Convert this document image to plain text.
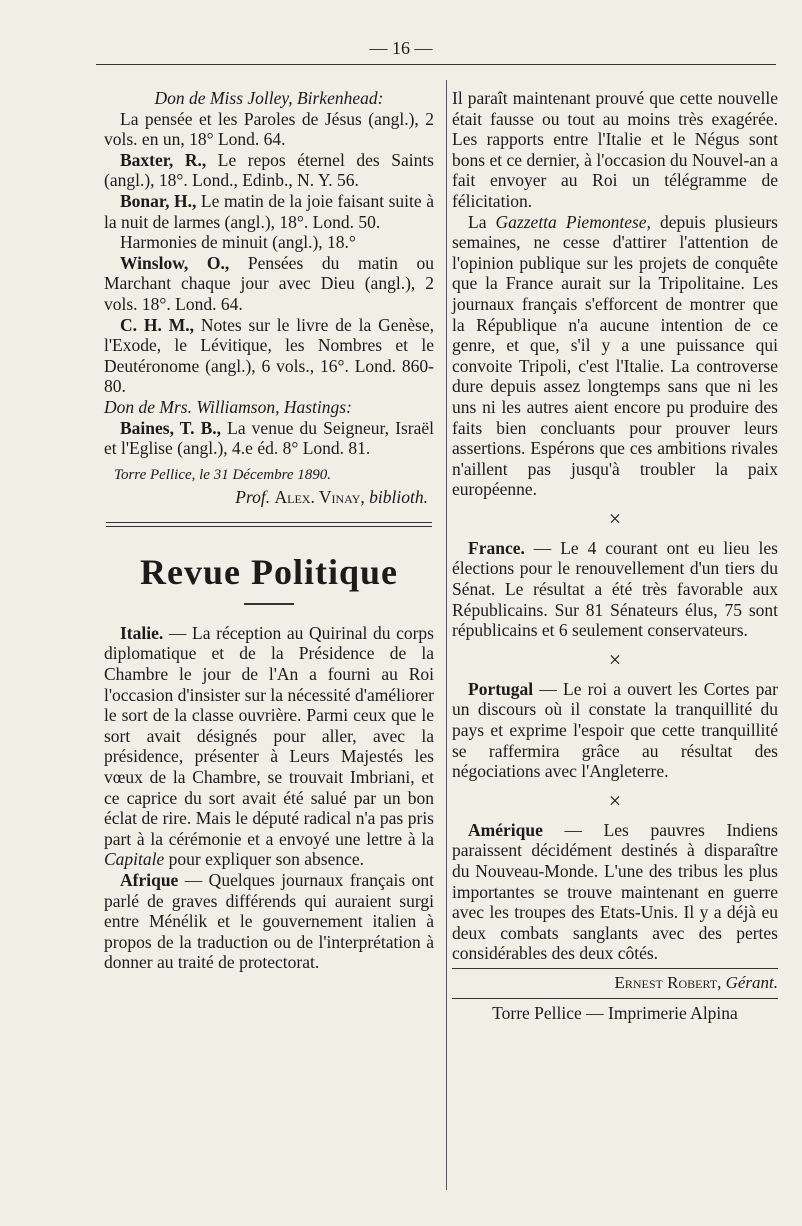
— 16 —

Don de Miss Jolley, Birkenhead:

La pensée et les Paroles de Jésus (angl.), 2 vols. en un, 18° Lond. 64.

Baxter, R., Le repos éternel des Saints (angl.), 18°. Lond., Edinb., N. Y. 56.

Bonar, H., Le matin de la joie faisant suite à la nuit de larmes (angl.), 18°. Lond. 50.

Harmonies de minuit (angl.), 18.°

Winslow, O., Pensées du matin ou Marchant chaque jour avec Dieu (angl.), 2 vols. 18°. Lond. 64.

C. H. M., Notes sur le livre de la Genèse, l'Exode, le Lévitique, les Nombres et le Deutéronome (angl.), 6 vols., 16°. Lond. 860-80.

Don de Mrs. Williamson, Hastings:

Baines, T. B., La venue du Seigneur, Israël et l'Eglise (angl.), 4.e éd. 8° Lond. 81.

Torre Pellice, le 31 Décembre 1890.

Prof. Alex. Vinay, biblioth.

Revue Politique

Italie. — La réception au Quirinal du corps diplomatique et de la Présidence de la Chambre le jour de l'An a fourni au Roi l'occasion d'insister sur la nécessité d'améliorer le sort de la classe ouvrière. Parmi ceux que le sort avait désignés pour aller, avec la présidence, présenter à Leurs Majestés les vœux de la Chambre, se trouvait Imbriani, et ce caprice du sort avait été salué par un bon éclat de rire. Mais le député radical n'a pas pris part à la cérémonie et a envoyé une lettre à la Capitale pour expliquer son absence.

Afrique — Quelques journaux français ont parlé de graves différends qui auraient surgi entre Ménélik et le gouvernement italien à propos de la traduction ou de l'interprétation à donner au traité de protectorat.

Il paraît maintenant prouvé que cette nouvelle était fausse ou tout au moins très exagérée. Les rapports entre l'Italie et le Négus sont bons et ce dernier, à l'occasion du Nouvel-an a fait envoyer au Roi un télégramme de félicitation.

La Gazzetta Piemontese, depuis plusieurs semaines, ne cesse d'attirer l'attention de l'opinion publique sur les projets de conquête que la France aurait sur la Tripolitaine. Les journaux français s'efforcent de montrer que la République n'a aucune intention de ce genre, et que, s'il y a une puissance qui convoite Tripoli, c'est l'Italie. La controverse dure depuis assez longtemps sans que ni les uns ni les autres aient encore pu produire des faits bien concluants pour prouver leurs assertions. Espérons que ces ambitions rivales n'aillent pas jusqu'à troubler la paix européenne.

×

France. — Le 4 courant ont eu lieu les élections pour le renouvellement d'un tiers du Sénat. Le résultat a été très favorable aux Républicains. Sur 81 Sénateurs élus, 75 sont républicains et 6 seulement conservateurs.

×

Portugal — Le roi a ouvert les Cortes par un discours où il constate la tranquillité du pays et exprime l'espoir que cette tranquillité se raffermira grâce au résultat des négociations avec l'Angleterre.

×

Amérique — Les pauvres Indiens paraissent décidément destinés à disparaître du Nouveau-Monde. L'une des tribus les plus importantes se trouve maintenant en guerre avec les troupes des Etats-Unis. Il y a déjà eu deux combats sanglants avec des pertes considérables des deux côtés.

Ernest Robert, Gérant.

Torre Pellice — Imprimerie Alpina
